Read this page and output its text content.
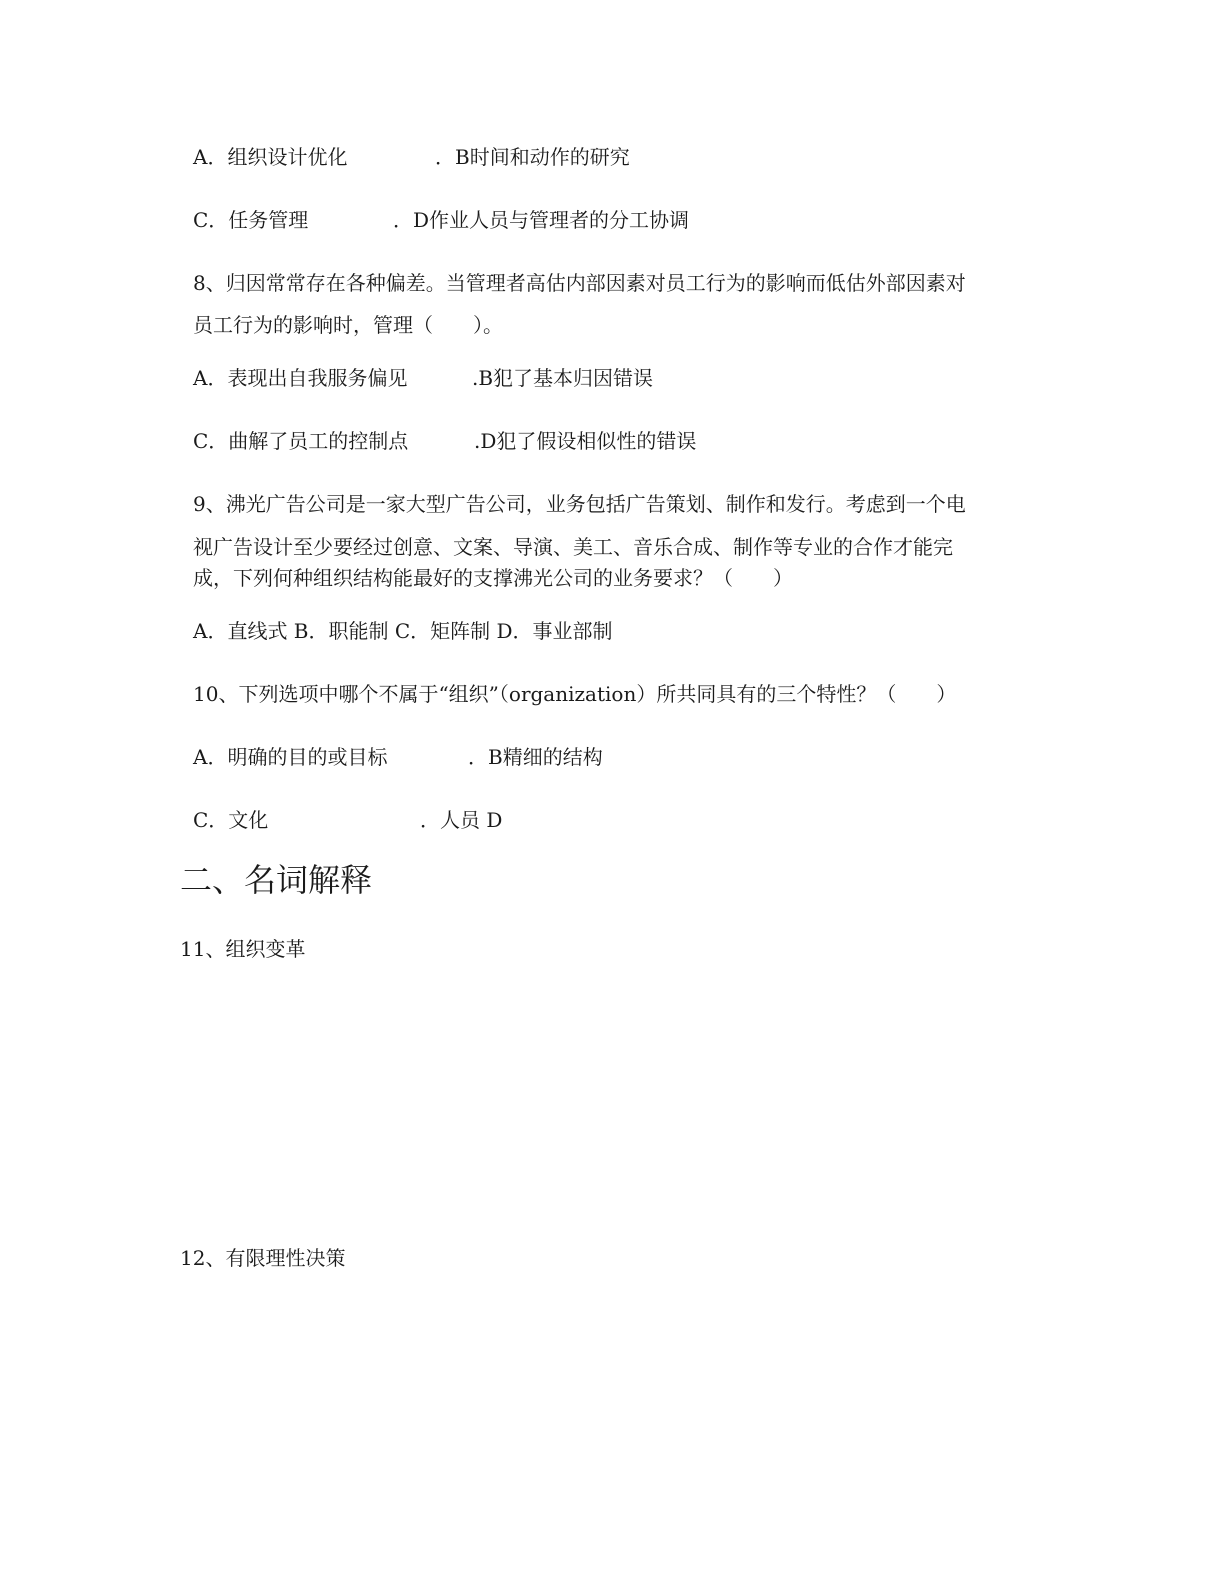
A．组织设计优化	．B时间和动作的研究
C．任务管理	．D作业人员与管理者的分工协调
8、归因常常存在各种偏差。当管理者高估内部因素对员工行为的影响而低估外部因素对
员工行为的影响时，管理（　　）。
A．表现出自我服务偏见	.B犯了基本归因错误
C．曲解了员工的控制点	.D犯了假设相似性的错误
9、沸光广告公司是一家大型广告公司，业务包括广告策划、制作和发行。考虑到一个电
视广告设计至少要经过创意、文案、导演、美工、音乐合成、制作等专业的合作才能完
成，下列何种组织结构能最好的支撑沸光公司的业务要求？（　　）
A．直线式 B．职能制 C．矩阵制 D．事业部制
10、下列选项中哪个不属于“组织”（organization）所共同具有的三个特性？（　　）
A．明确的目的或目标	．B精细的结构
C．文化	．人员 D
二、名词解释
11、组织变革
12、有限理性决策
